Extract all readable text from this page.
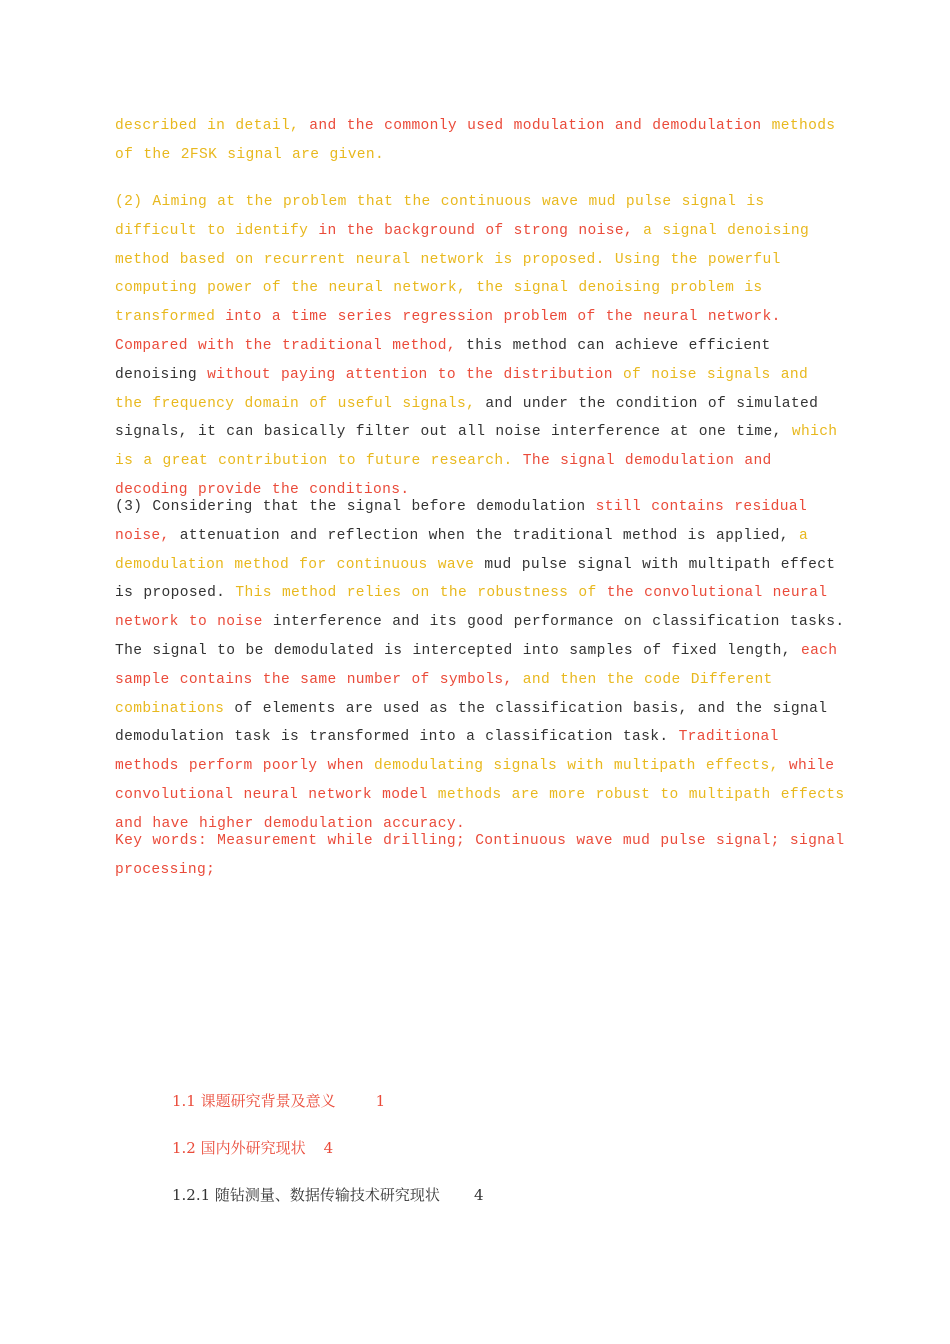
described in detail, and the commonly used modulation and demodulation methods of the 2FSK signal are given.
(2) Aiming at the problem that the continuous wave mud pulse signal is difficult to identify in the background of strong noise, a signal denoising method based on recurrent neural network is proposed. Using the powerful computing power of the neural network, the signal denoising problem is transformed into a time series regression problem of the neural network. Compared with the traditional method, this method can achieve efficient denoising without paying attention to the distribution of noise signals and the frequency domain of useful signals, and under the condition of simulated signals, it can basically filter out all noise interference at one time, which is a great contribution to future research. The signal demodulation and decoding provide the conditions.
(3) Considering that the signal before demodulation still contains residual noise, attenuation and reflection when the traditional method is applied, a demodulation method for continuous wave mud pulse signal with multipath effect is proposed. This method relies on the robustness of the convolutional neural network to noise interference and its good performance on classification tasks. The signal to be demodulated is intercepted into samples of fixed length, each sample contains the same number of symbols, and then the code Different combinations of elements are used as the classification basis, and the signal demodulation task is transformed into a classification task. Traditional methods perform poorly when demodulating signals with multipath effects, while convolutional neural network model methods are more robust to multipath effects and have higher demodulation accuracy.
Key words: Measurement while drilling; Continuous wave mud pulse signal; signal processing;
1.1 课题研究背景及意义	1
1.2 国内外研究现状 4
1.2.1 随钻测量、数据传输技术研究现状 4
